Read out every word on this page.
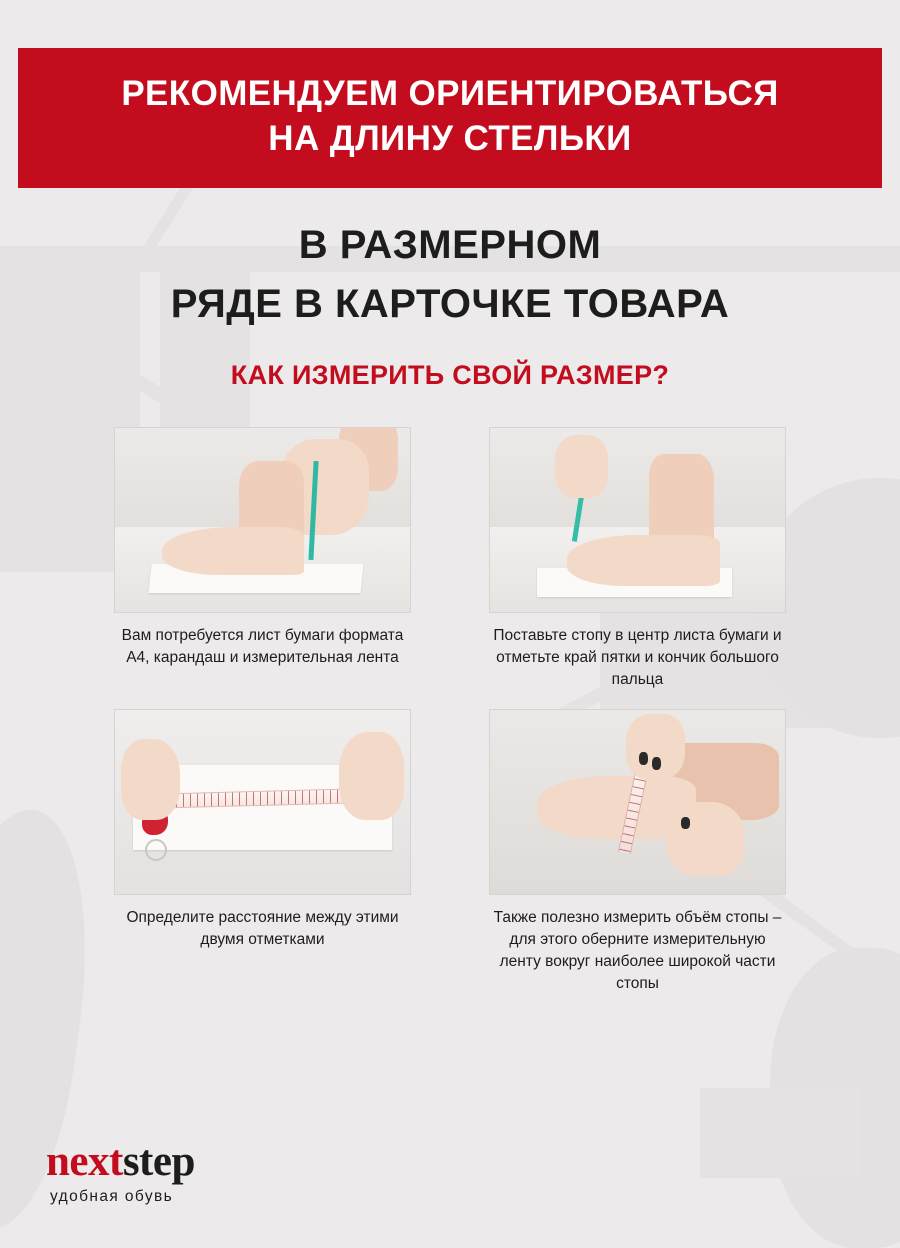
РЕКОМЕНДУЕМ ОРИЕНТИРОВАТЬСЯ
НА ДЛИНУ СТЕЛЬКИ
В РАЗМЕРНОМ
РЯДЕ В КАРТОЧКЕ ТОВАРА
КАК ИЗМЕРИТЬ СВОЙ РАЗМЕР?
Вам потребуется лист бумаги формата А4, карандаш и измерительная лента
Поставьте стопу в центр листа бумаги и отметьте край пятки и кончик большого пальца
Определите расстояние между этими двумя отметками
Также полезно измерить объём стопы – для этого оберните измерительную ленту вокруг наиболее широкой части стопы
nextstep
удобная обувь
